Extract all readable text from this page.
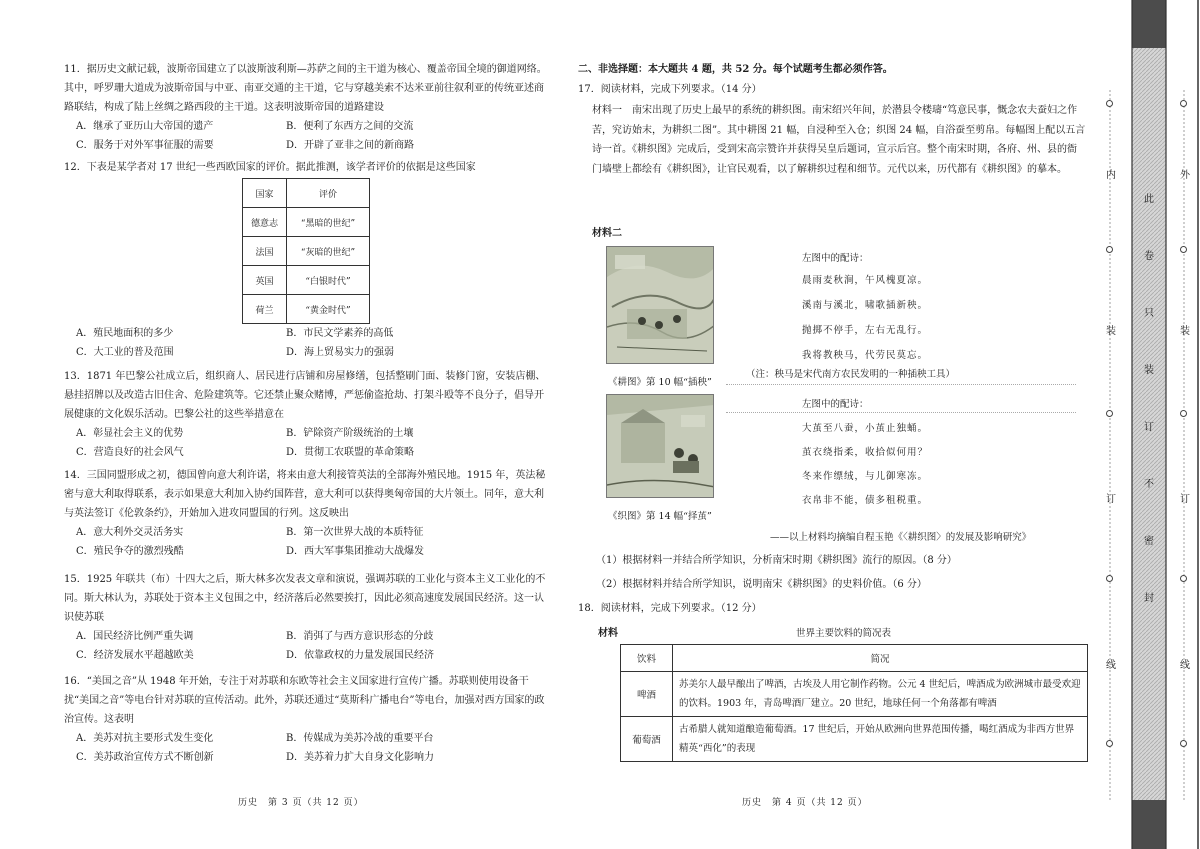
11．据历史文献记载，波斯帝国建立了以波斯波利斯—苏萨之间的主干道为核心、覆盖帝国全境的御道网络。其中，呼罗珊大道成为波斯帝国与中亚、南亚交通的主干道，它与穿越美索不达米亚前往叙利亚的传统亚述商路联结，构成了陆上丝绸之路西段的主干道。这表明波斯帝国的道路建设
A．继承了亚历山大帝国的遗产	B．便利了东西方之间的交流
C．服务于对外军事征服的需要	D．开辟了亚非之间的新商路
12．下表是某学者对 17 世纪一些西欧国家的评价。据此推测，该学者评价的依据是这些国家
国家	评价
德意志	“黑暗的世纪”
法国	“灰暗的世纪”
英国	“白银时代”
荷兰	“黄金时代”
A．殖民地面积的多少	B．市民文学素养的高低
C．大工业的普及范围	D．海上贸易实力的强弱
13．1871 年巴黎公社成立后，组织商人、居民进行店铺和房屋修缮，包括整刷门面、装修门窗，安装店棚、悬挂招牌以及改造古旧住舍、危险建筑等。它还禁止聚众赌博，严惩偷盗抢劫、打架斗殴等不良分子，倡导开展健康的文化娱乐活动。巴黎公社的这些举措意在
A．彰显社会主义的优势	B．铲除资产阶级统治的土壤
C．营造良好的社会风气	D．贯彻工农联盟的革命策略
14．三国同盟形成之初，德国曾向意大利许诺，将来由意大利接管英法的全部海外殖民地。1915 年，英法秘密与意大利取得联系，表示如果意大利加入协约国阵营，意大利可以获得奥匈帝国的大片领土。同年，意大利与英法签订《伦敦条约》，开始加入进攻同盟国的行列。这反映出
A．意大利外交灵活务实	B．第一次世界大战的本质特征
C．殖民争夺的激烈残酷	D．西大军事集团推动大战爆发
15．1925 年联共（布）十四大之后，斯大林多次发表文章和演说，强调苏联的工业化与资本主义工业化的不同。斯大林认为，苏联处于资本主义包围之中，经济落后必然要挨打，因此必须高速度发展国民经济。这一认识使苏联
A．国民经济比例严重失调	B．消弭了与西方意识形态的分歧
C．经济发展水平超越欧美	D．依靠政权的力量发展国民经济
16．“美国之音”从 1948 年开始，专注于对苏联和东欧等社会主义国家进行宣传广播。苏联则使用设备干扰“美国之音”等电台针对苏联的宣传活动。此外，苏联还通过“莫斯科广播电台”等电台，加强对西方国家的政治宣传。这表明
A．美苏对抗主要形式发生变化	B．传媒成为美苏冷战的重要平台
C．美苏政治宣传方式不断创新	D．美苏着力扩大自身文化影响力
历史　第 3 页（共 12 页）
二、非选择题：本大题共 4 题，共 52 分。每个试题考生都必须作答。
17．阅读材料，完成下列要求。（14 分）
材料一　南宋出现了历史上最早的系统的耕织图。南宋绍兴年间，於潜县令楼璹“笃意民事，慨念农夫蚕妇之作苦，究访始末，为耕织二图”。其中耕图 21 幅，自浸种至入仓；织图 24 幅，自浴蚕至剪帛。每幅图上配以五言诗一首。《耕织图》完成后，受到宋高宗赞许并获得吴皇后题词，宣示后宫。整个南宋时期，各府、州、县的衙门墙壁上都绘有《耕织图》，让官民观看，以了解耕织过程和细节。元代以来，历代都有《耕织图》的摹本。
材料二
《耕图》第 10 幅“插秧”
左图中的配诗：
晨雨麦秋涧，午风槐夏凉。
溪南与溪北，啸歌插新秧。
抛掷不停手，左右无乱行。
我将教秧马，代劳民莫忘。
（注：秧马是宋代南方农民发明的一种插秧工具）
《织图》第 14 幅“择茧”
左图中的配诗：
大茧至八蚕，小茧止独蛹。
茧衣绕指柔，收拾似何用？
冬来作缥绒，与儿御寒冻。
衣帛非不能，债多租税重。
——以上材料均摘编自程玉艳《〈耕织图〉的发展及影响研究》
（1）根据材料一并结合所学知识，分析南宋时期《耕织图》流行的原因。（8 分）
（2）根据材料并结合所学知识，说明南宋《耕织图》的史料价值。（6 分）
18．阅读材料，完成下列要求。（12 分）
材料	世界主要饮料的简况表
饮料	简况
啤酒	苏美尔人最早酿出了啤酒，古埃及人用它制作药物。公元 4 世纪后，啤酒成为欧洲城市最受欢迎的饮料。1903 年，青岛啤酒厂建立。20 世纪，地球任何一个角落都有啤酒
葡萄酒	古希腊人就知道酿造葡萄酒。17 世纪后，开始从欧洲向世界范围传播，喝红酒成为非西方世界精英“西化”的表现
历史　第 4 页（共 12 页）
内
装
订
线
此
卷
只
装
订
不
密
封
外
装
订
线
